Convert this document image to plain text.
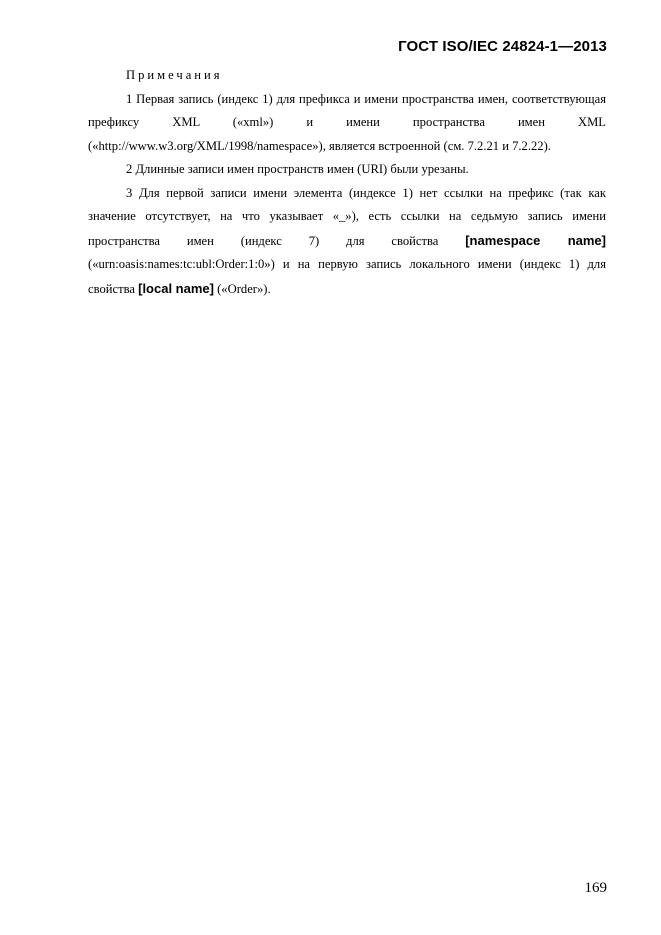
ГОСТ ISO/IEC 24824-1—2013
Примечания

1 Первая запись (индекс 1) для префикса и имени пространства имен, соответствующая префиксу XML («xml») и имени пространства имен XML («http://www.w3.org/XML/1998/namespace»), является встроенной (см. 7.2.21 и 7.2.22).

2 Длинные записи имен пространств имен (URI) были урезаны.

3 Для первой записи имени элемента (индексе 1) нет ссылки на префикс (так как значение отсутствует, на что указывает «_»), есть ссылки на седьмую запись имени пространства имен (индекс 7) для свойства [namespace name] («urn:oasis:names:tc:ubl:Order:1:0») и на первую запись локального имени (индекс 1) для свойства [local name] («Order»).

169
